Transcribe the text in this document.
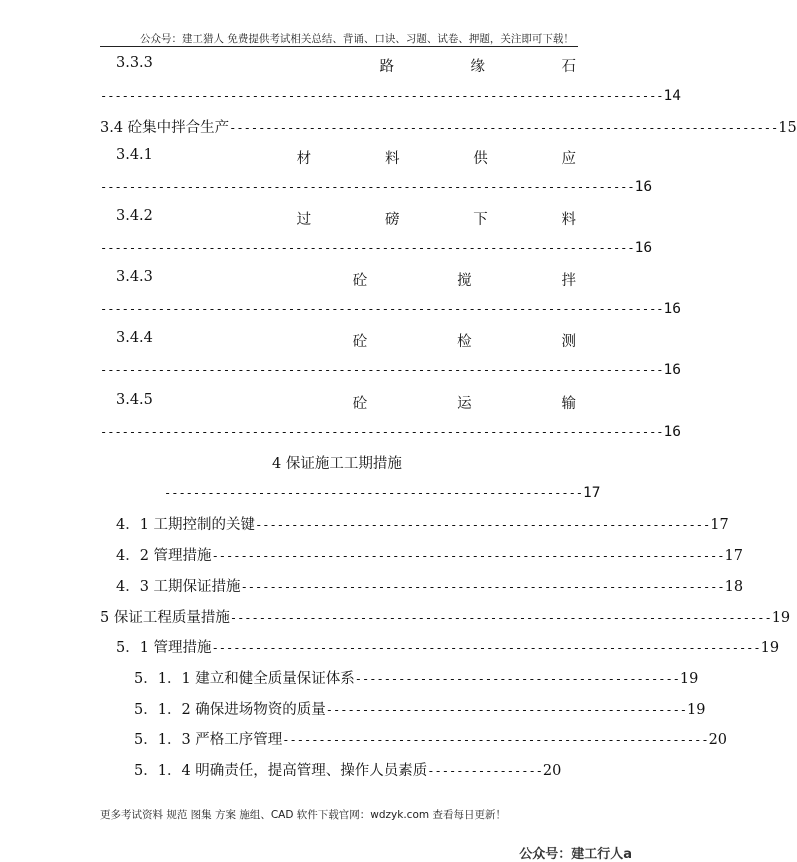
公众号：建工猎人 免费提供考试相关总结、背诵、口诀、习题、试卷、押题，关注即可下载！
3.3.3	路	缘	石
------------------------------------------------------------------------------14
3.4 砼集中拌合生产----------------------------------------------------------------------------15
3.4.1	材	料	供	应
--------------------------------------------------------------------------16
3.4.2	过	磅	下	料
--------------------------------------------------------------------------16
3.4.3	砼	搅	拌
------------------------------------------------------------------------------16
3.4.4	砼	检	测
------------------------------------------------------------------------------16
3.4.5	砼	运	输
------------------------------------------------------------------------------16
4 保证施工工期措施
----------------------------------------------------------17
4．1 工期控制的关键---------------------------------------------------------------17
4．2 管理措施-----------------------------------------------------------------------17
4．3 工期保证措施-------------------------------------------------------------------18
5 保证工程质量措施---------------------------------------------------------------------------19
5．1 管理措施----------------------------------------------------------------------------19
5．1．1 建立和健全质量保证体系---------------------------------------------19
5．1．2 确保进场物资的质量--------------------------------------------------19
5．1．3 严格工序管理-----------------------------------------------------------20
5．1．4 明确责任，提高管理、操作人员素质----------------20
更多考试资料 规范 图集 方案 施组、CAD 软件下载官网：wdzyk.com 查看每日更新！
公众号：建工行人a
